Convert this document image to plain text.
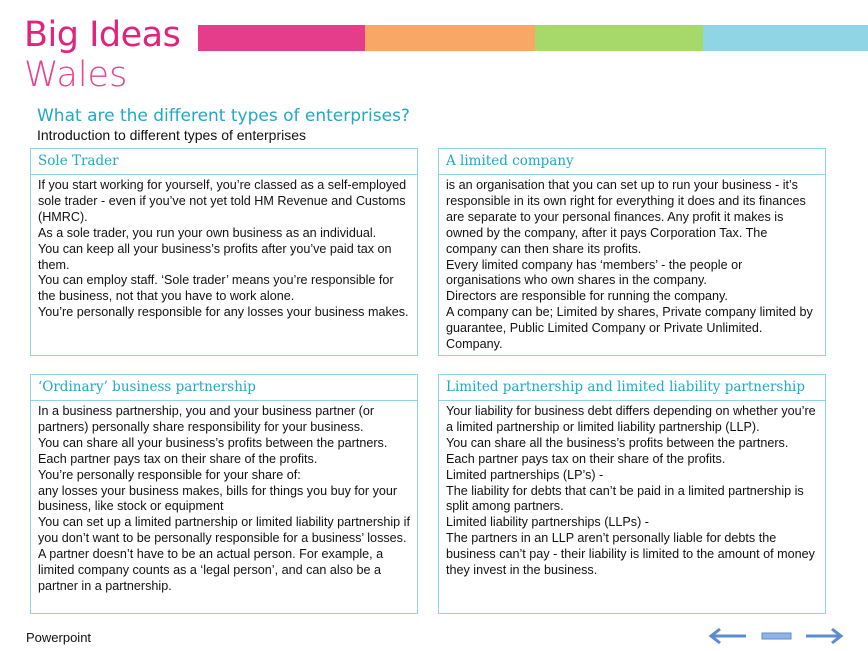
Big Ideas
Wales
What are the different types of enterprises?
Introduction to different types of enterprises
Sole Trader

If you start working for yourself, you’re classed as a self-employed sole trader - even if you’ve not yet told HM Revenue and Customs (HMRC).

As a sole trader, you run your own business as an individual.

You can keep all your business’s profits after you’ve paid tax on them.

You can employ staff. ‘Sole trader’ means you’re responsible for the business, not that you have to work alone.

You’re personally responsible for any losses your business makes.

A limited company

is an organisation that you can set up to run your business - it’s responsible in its own right for everything it does and its finances are separate to your personal finances. Any profit it makes is owned by the company, after it pays Corporation Tax. The company can then share its profits.

Every limited company has ‘members’ - the people or organisations who own shares in the company.

Directors are responsible for running the company.

A company can be; Limited by shares, Private company limited by guarantee, Public Limited Company or Private Unlimited. Company.

‘Ordinary’ business partnership

In a business partnership, you and your business partner (or partners) personally share responsibility for your business.

You can share all your business’s profits between the partners.

Each partner pays tax on their share of the profits.

You’re personally responsible for your share of:

any losses your business makes, bills for things you buy for your business, like stock or equipment

You can set up a limited partnership or limited liability partnership if you don’t want to be personally responsible for a business’ losses.

A partner doesn’t have to be an actual person. For example, a limited company counts as a ‘legal person’, and can also be a partner in a partnership.

Limited partnership and limited liability partnership

Your liability for business debt differs depending on whether you’re a limited partnership or limited liability partnership (LLP).

You can share all the business’s profits between the partners.

Each partner pays tax on their share of the profits.

Limited partnerships (LP’s) -

The liability for debts that can’t be paid in a limited partnership is split among partners.

Limited liability partnerships (LLPs) -

The partners in an LLP aren’t personally liable for debts the business can’t pay - their liability is limited to the amount of money they invest in the business.

Powerpoint
